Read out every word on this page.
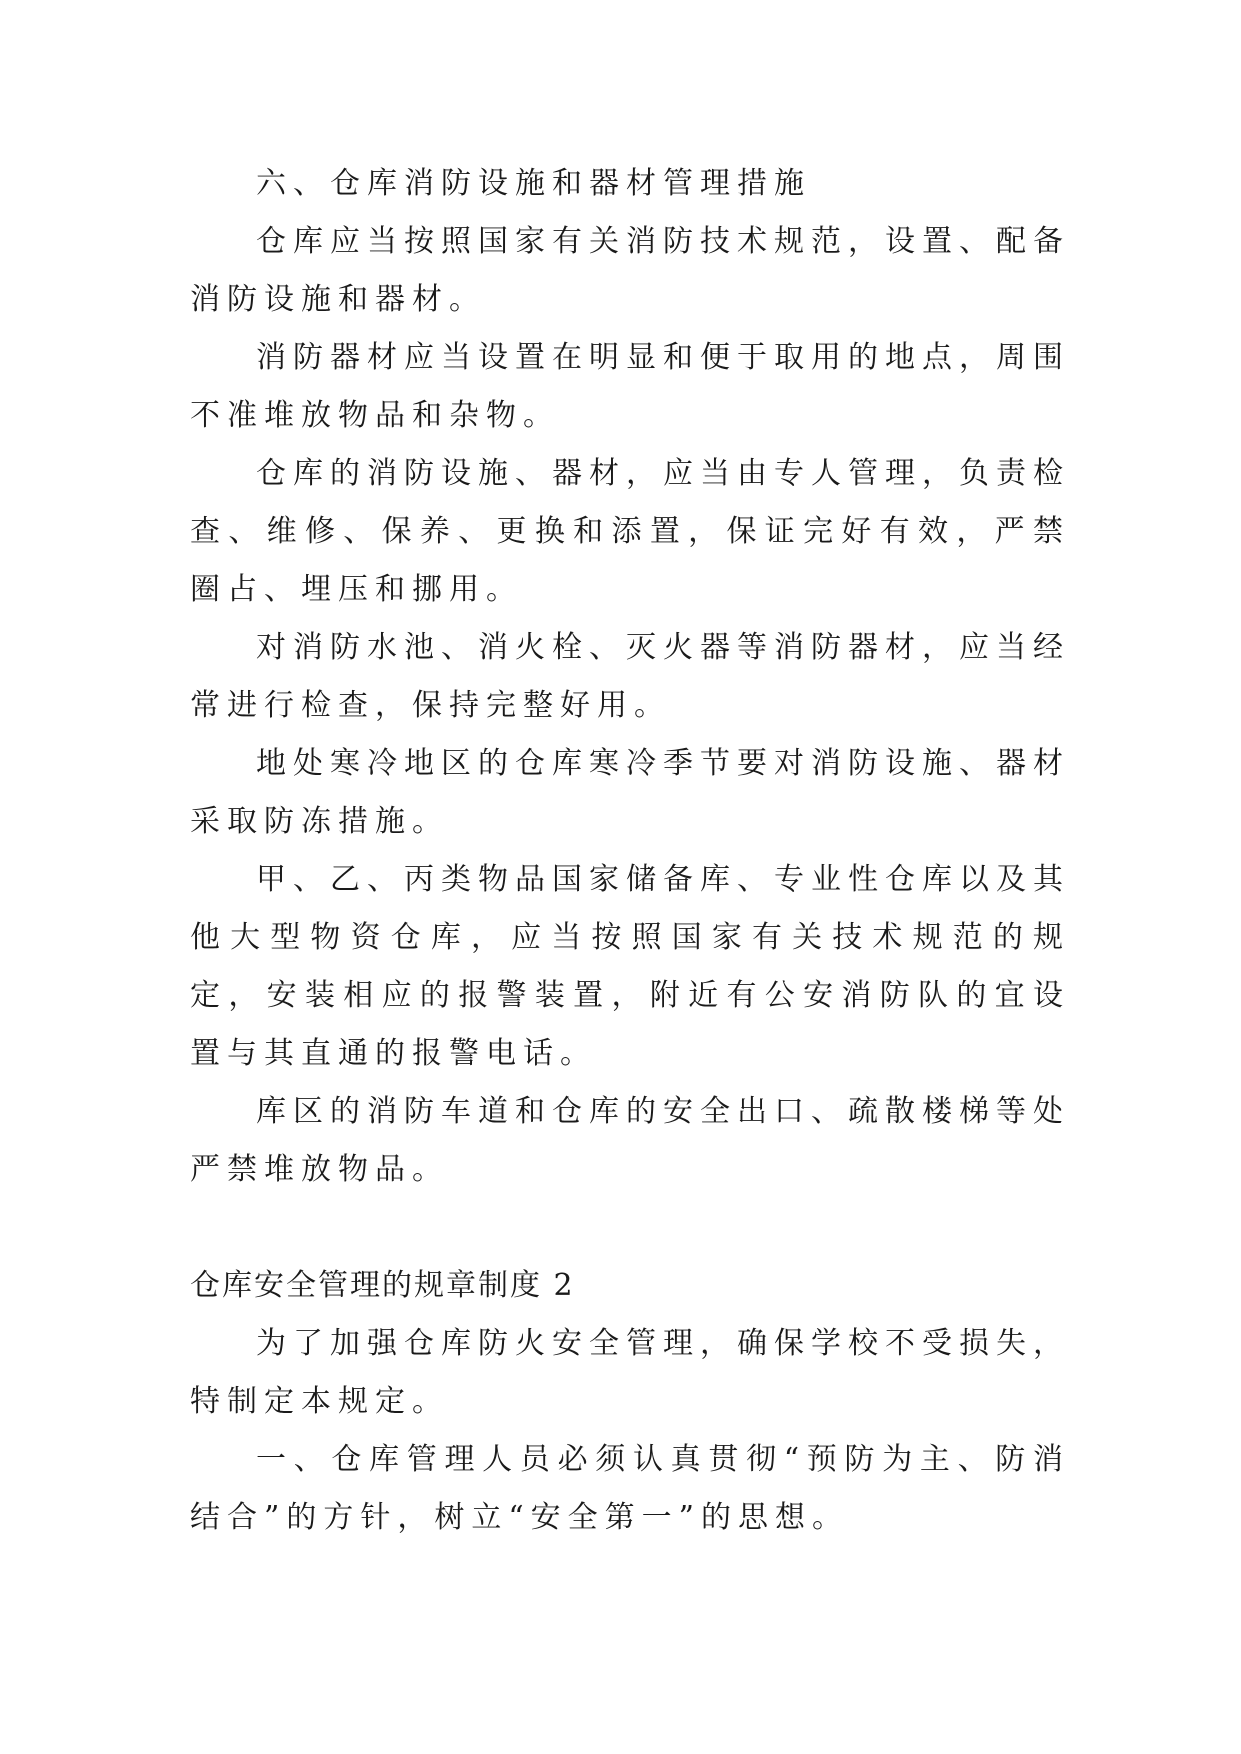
六、仓库消防设施和器材管理措施

仓库应当按照国家有关消防技术规范，设置、配备消防设施和器材。

消防器材应当设置在明显和便于取用的地点，周围不准堆放物品和杂物。

仓库的消防设施、器材，应当由专人管理，负责检查、维修、保养、更换和添置，保证完好有效，严禁圈占、埋压和挪用。

对消防水池、消火栓、灭火器等消防器材，应当经常进行检查，保持完整好用。

地处寒冷地区的仓库寒冷季节要对消防设施、器材采取防冻措施。

甲、乙、丙类物品国家储备库、专业性仓库以及其他大型物资仓库，应当按照国家有关技术规范的规定，安装相应的报警装置，附近有公安消防队的宜设置与其直通的报警电话。

库区的消防车道和仓库的安全出口、疏散楼梯等处严禁堆放物品。

仓库安全管理的规章制度 2

为了加强仓库防火安全管理，确保学校不受损失，特制定本规定。

一、仓库管理人员必须认真贯彻“预防为主、防消结合”的方针，树立“安全第一”的思想。
